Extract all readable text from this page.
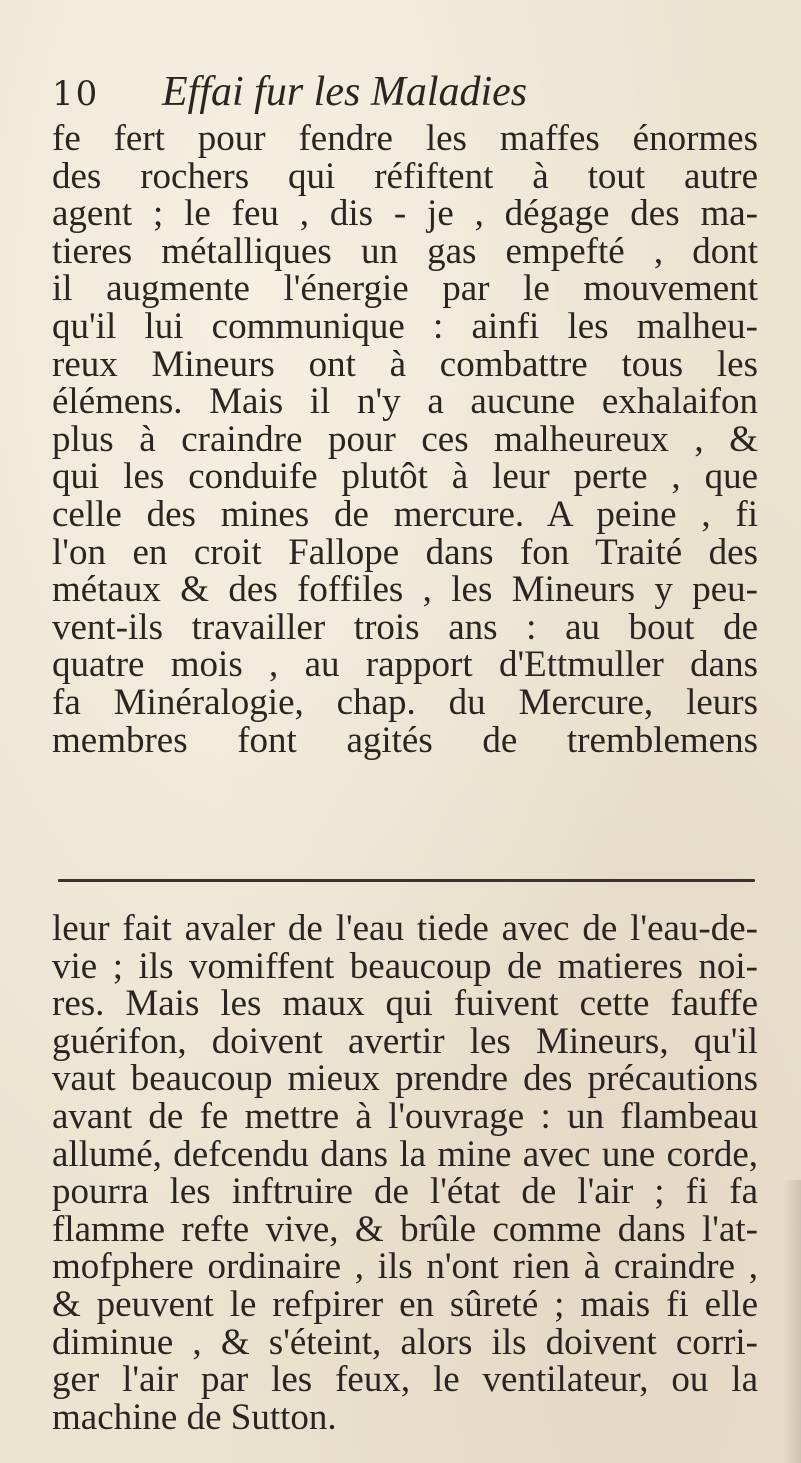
10	Effai fur les Maladies
fe fert pour fendre les maffes énormes
des rochers qui réfiftent à tout autre
agent ; le feu , dis - je , dégage des ma-
tieres métalliques un gas empefté , dont
il augmente l'énergie par le mouvement
qu'il lui communique : ainfi les malheu-
reux Mineurs ont à combattre tous les
élémens. Mais il n'y a aucune exhalaifon
plus à craindre pour ces malheureux , &
qui les conduife plutôt à leur perte , que
celle des mines de mercure. A peine , fi
l'on en croit Fallope dans fon Traité des
métaux & des foffiles , les Mineurs y peu-
vent-ils travailler trois ans : au bout de
quatre mois , au rapport d'Ettmuller dans
fa Minéralogie, chap. du Mercure, leurs
membres font agités de tremblemens
leur fait avaler de l'eau tiede avec de l'eau-de-
vie ; ils vomiffent beaucoup de matieres noi-
res. Mais les maux qui fuivent cette fauffe
guérifon, doivent avertir les Mineurs, qu'il
vaut beaucoup mieux prendre des précautions
avant de fe mettre à l'ouvrage : un flambeau
allumé, defcendu dans la mine avec une corde,
pourra les inftruire de l'état de l'air ; fi fa
flamme refte vive, & brûle comme dans l'at-
mofphere ordinaire , ils n'ont rien à craindre ,
& peuvent le refpirer en sûreté ; mais fi elle
diminue , & s'éteint, alors ils doivent corri-
ger l'air par les feux, le ventilateur, ou la
machine de Sutton.
